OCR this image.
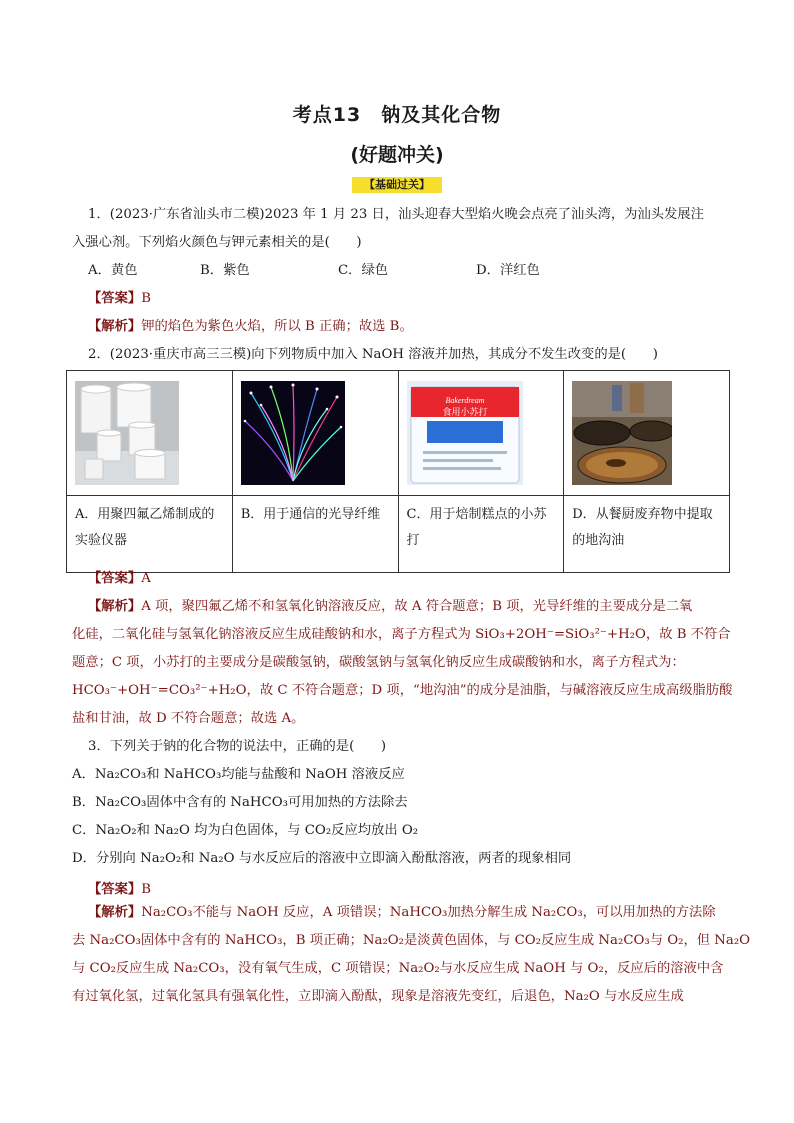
考点13　钠及其化合物
(好题冲关)
【基础过关】
1．(2023·广东省汕头市二模)2023 年 1 月 23 日，汕头迎春大型焰火晚会点亮了汕头湾，为汕头发展注
入强心剂。下列焰火颜色与钾元素相关的是(　　)
A．黄色	B．紫色	C．绿色	D．洋红色
【答案】B
【解析】钾的焰色为紫色火焰，所以 B 正确；故选 B。
2．(2023·重庆市高三三模)向下列物质中加入 NaOH 溶液并加热，其成分不发生改变的是(　　)

食用小苏打
Bakerdream

A．用聚四氟乙烯制成的实验仪器	B．用于通信的光导纤维	C．用于焙制糕点的小苏打	D．从餐厨废弃物中提取的地沟油
【答案】A
【解析】A 项，聚四氟乙烯不和氢氧化钠溶液反应，故 A 符合题意；B 项，光导纤维的主要成分是二氧
化硅，二氧化硅与氢氧化钠溶液反应生成硅酸钠和水，离子方程式为 SiO₃+2OH⁻=SiO₃²⁻+H₂O，故 B 不符合
题意；C 项，小苏打的主要成分是碳酸氢钠，碳酸氢钠与氢氧化钠反应生成碳酸钠和水，离子方程式为：
HCO₃⁻+OH⁻=CO₃²⁻+H₂O，故 C 不符合题意；D 项，“地沟油”的成分是油脂，与碱溶液反应生成高级脂肪酸
盐和甘油，故 D 不符合题意；故选 A。
3．下列关于钠的化合物的说法中，正确的是(　　)
A．Na₂CO₃和 NaHCO₃均能与盐酸和 NaOH 溶液反应
B．Na₂CO₃固体中含有的 NaHCO₃可用加热的方法除去
C．Na₂O₂和 Na₂O 均为白色固体，与 CO₂反应均放出 O₂
D．分别向 Na₂O₂和 Na₂O 与水反应后的溶液中立即滴入酚酞溶液，两者的现象相同
【答案】B
【解析】Na₂CO₃不能与 NaOH 反应，A 项错误；NaHCO₃加热分解生成 Na₂CO₃，可以用加热的方法除
去 Na₂CO₃固体中含有的 NaHCO₃，B 项正确；Na₂O₂是淡黄色固体，与 CO₂反应生成 Na₂CO₃与 O₂，但 Na₂O
与 CO₂反应生成 Na₂CO₃，没有氧气生成，C 项错误；Na₂O₂与水反应生成 NaOH 与 O₂，反应后的溶液中含
有过氧化氢，过氧化氢具有强氧化性，立即滴入酚酞，现象是溶液先变红，后退色，Na₂O 与水反应生成
